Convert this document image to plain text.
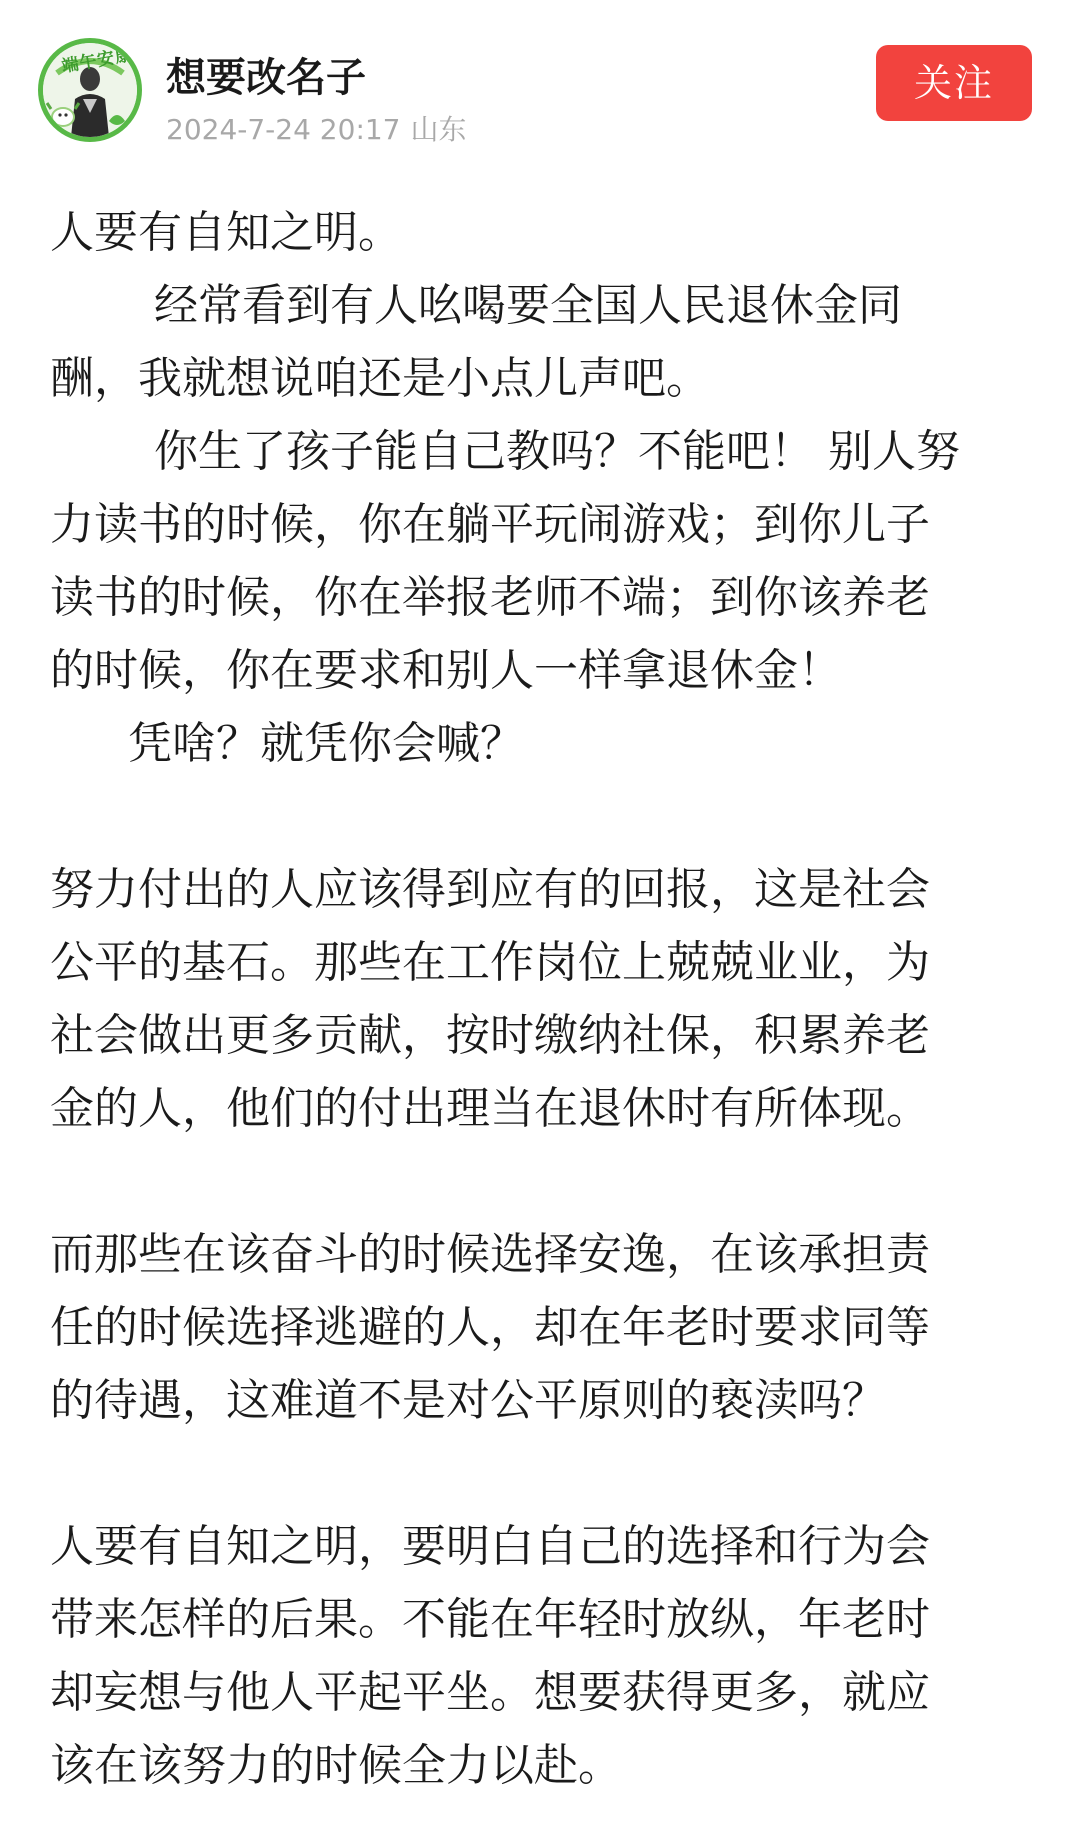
端午安康 想要改名子
2024-7-24 20:17 山东
关注
人要有自知之明。
经常看到有人吆喝要全国人民退休金同
酬，我就想说咱还是小点儿声吧。
你生了孩子能自己教吗？不能吧！ 别人努
力读书的时候，你在躺平玩闹游戏；到你儿子
读书的时候，你在举报老师不端；到你该养老
的时候，你在要求和别人一样拿退休金！
凭啥？就凭你会喊？
努力付出的人应该得到应有的回报，这是社会
公平的基石。那些在工作岗位上兢兢业业，为
社会做出更多贡献，按时缴纳社保，积累养老
金的人，他们的付出理当在退休时有所体现。
而那些在该奋斗的时候选择安逸，在该承担责
任的时候选择逃避的人，却在年老时要求同等
的待遇，这难道不是对公平原则的亵渎吗？
人要有自知之明，要明白自己的选择和行为会
带来怎样的后果。不能在年轻时放纵，年老时
却妄想与他人平起平坐。想要获得更多，就应
该在该努力的时候全力以赴。
